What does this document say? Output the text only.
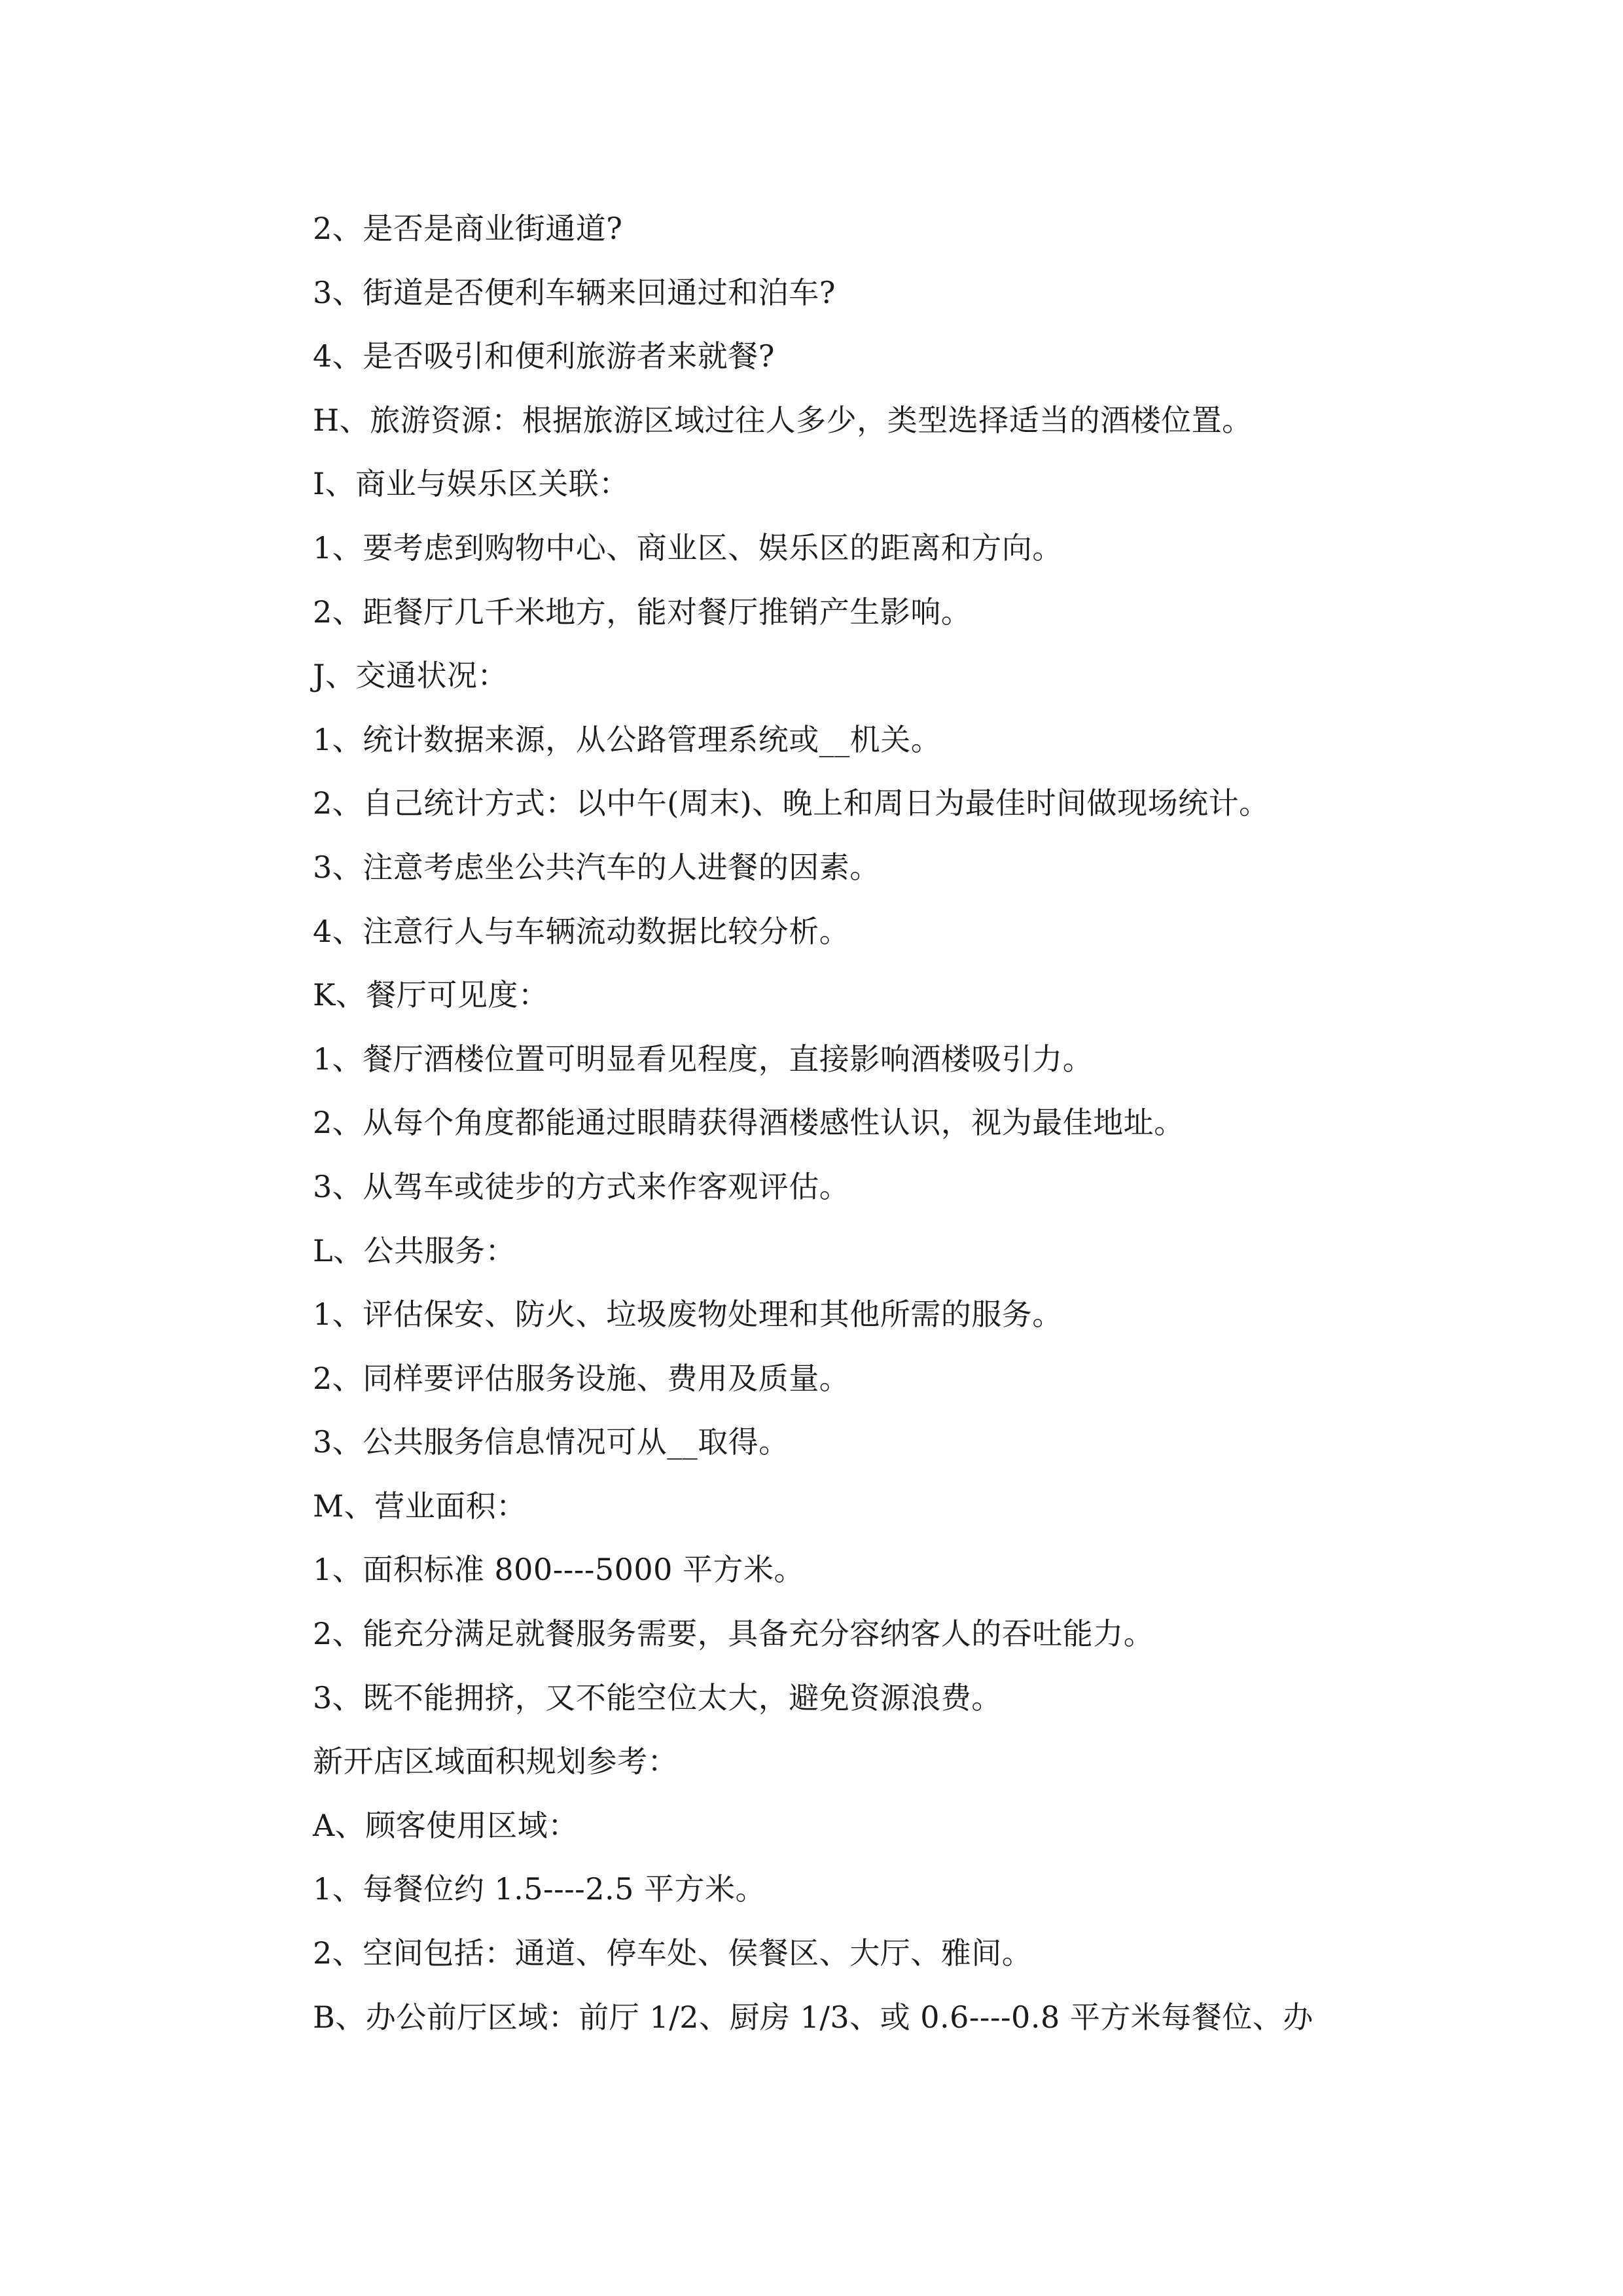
2、是否是商业街通道?
3、街道是否便利车辆来回通过和泊车?
4、是否吸引和便利旅游者来就餐?
H、旅游资源：根据旅游区域过往人多少，类型选择适当的酒楼位置。
I、商业与娱乐区关联：
1、要考虑到购物中心、商业区、娱乐区的距离和方向。
2、距餐厅几千米地方，能对餐厅推销产生影响。
J、交通状况：
1、统计数据来源，从公路管理系统或__机关。
2、自己统计方式：以中午(周末)、晚上和周日为最佳时间做现场统计。
3、注意考虑坐公共汽车的人进餐的因素。
4、注意行人与车辆流动数据比较分析。
K、餐厅可见度：
1、餐厅酒楼位置可明显看见程度，直接影响酒楼吸引力。
2、从每个角度都能通过眼睛获得酒楼感性认识，视为最佳地址。
3、从驾车或徒步的方式来作客观评估。
L、公共服务：
1、评估保安、防火、垃圾废物处理和其他所需的服务。
2、同样要评估服务设施、费用及质量。
3、公共服务信息情况可从__取得。
M、营业面积：
1、面积标准 800----5000 平方米。
2、能充分满足就餐服务需要，具备充分容纳客人的吞吐能力。
3、既不能拥挤，又不能空位太大，避免资源浪费。
新开店区域面积规划参考：
A、顾客使用区域：
1、每餐位约 1.5----2.5 平方米。
2、空间包括：通道、停车处、侯餐区、大厅、雅间。
B、办公前厅区域：前厅 1/2、厨房 1/3、或 0.6----0.8 平方米每餐位、办
